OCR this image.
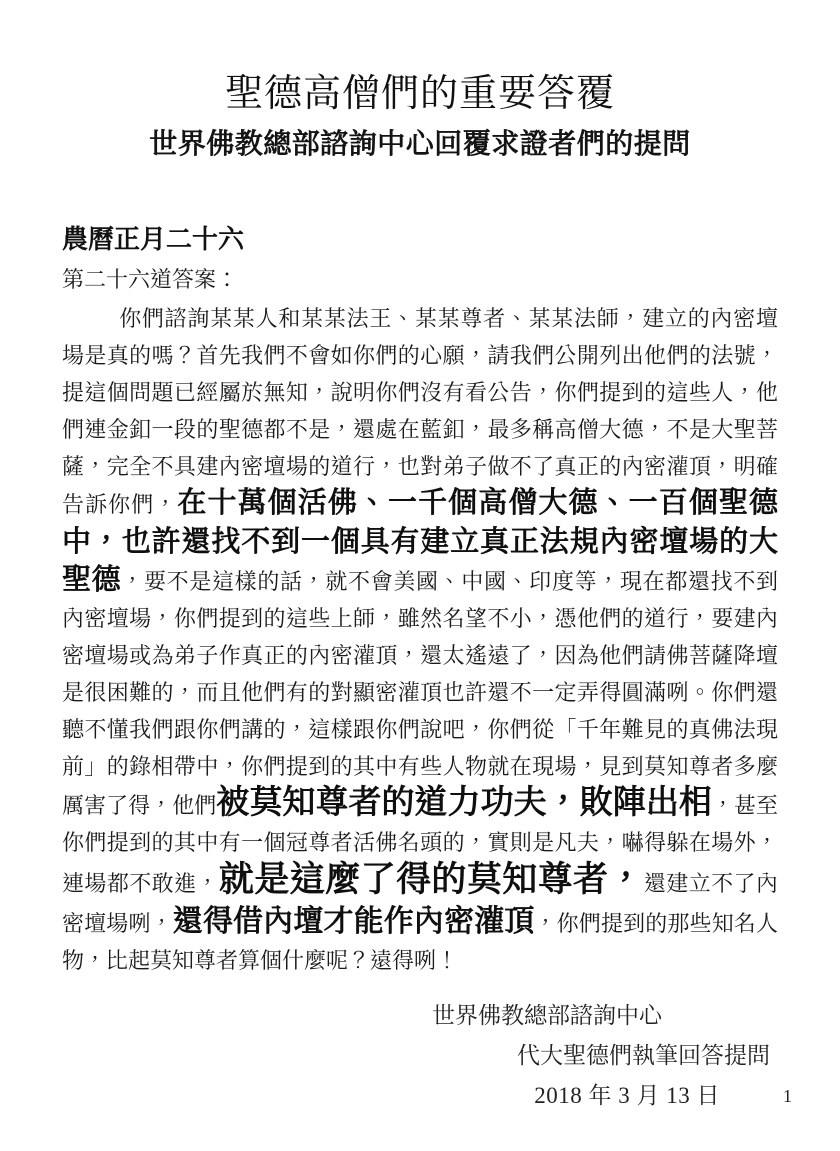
聖德高僧們的重要答覆
世界佛教總部諮詢中心回覆求證者們的提問

農曆正月二十六

第二十六道答案：

你們諮詢某某人和某某法王、某某尊者、某某法師，建立的內密壇場是真的嗎？首先我們不會如你們的心願，請我們公開列出他們的法號，提這個問題已經屬於無知，說明你們沒有看公告，你們提到的這些人，他們連金釦一段的聖德都不是，還處在藍釦，最多稱高僧大德，不是大聖菩薩，完全不具建內密壇場的道行，也對弟子做不了真正的內密灌頂，明確告訴你們，在十萬個活佛、一千個高僧大德、一百個聖德中，也許還找不到一個具有建立真正法規內密壇場的大聖德，要不是這樣的話，就不會美國、中國、印度等，現在都還找不到內密壇場，你們提到的這些上師，雖然名望不小，憑他們的道行，要建內密壇場或為弟子作真正的內密灌頂，還太遙遠了，因為他們請佛菩薩降壇是很困難的，而且他們有的對顯密灌頂也許還不一定弄得圓滿咧。你們還聽不懂我們跟你們講的，這樣跟你們說吧，你們從「千年難見的真佛法現前」的錄相帶中，你們提到的其中有些人物就在現場，見到莫知尊者多麼厲害了得，他們被莫知尊者的道力功夫，敗陣出相，甚至你們提到的其中有一個冠尊者活佛名頭的，實則是凡夫，嚇得躲在場外，連場都不敢進，就是這麼了得的莫知尊者，還建立不了內密壇場咧，還得借內壇才能作內密灌頂，你們提到的那些知名人物，比起莫知尊者算個什麼呢？遠得咧！

世界佛教總部諮詢中心
代大聖德們執筆回答提問
2018 年 3 月 13 日	1
